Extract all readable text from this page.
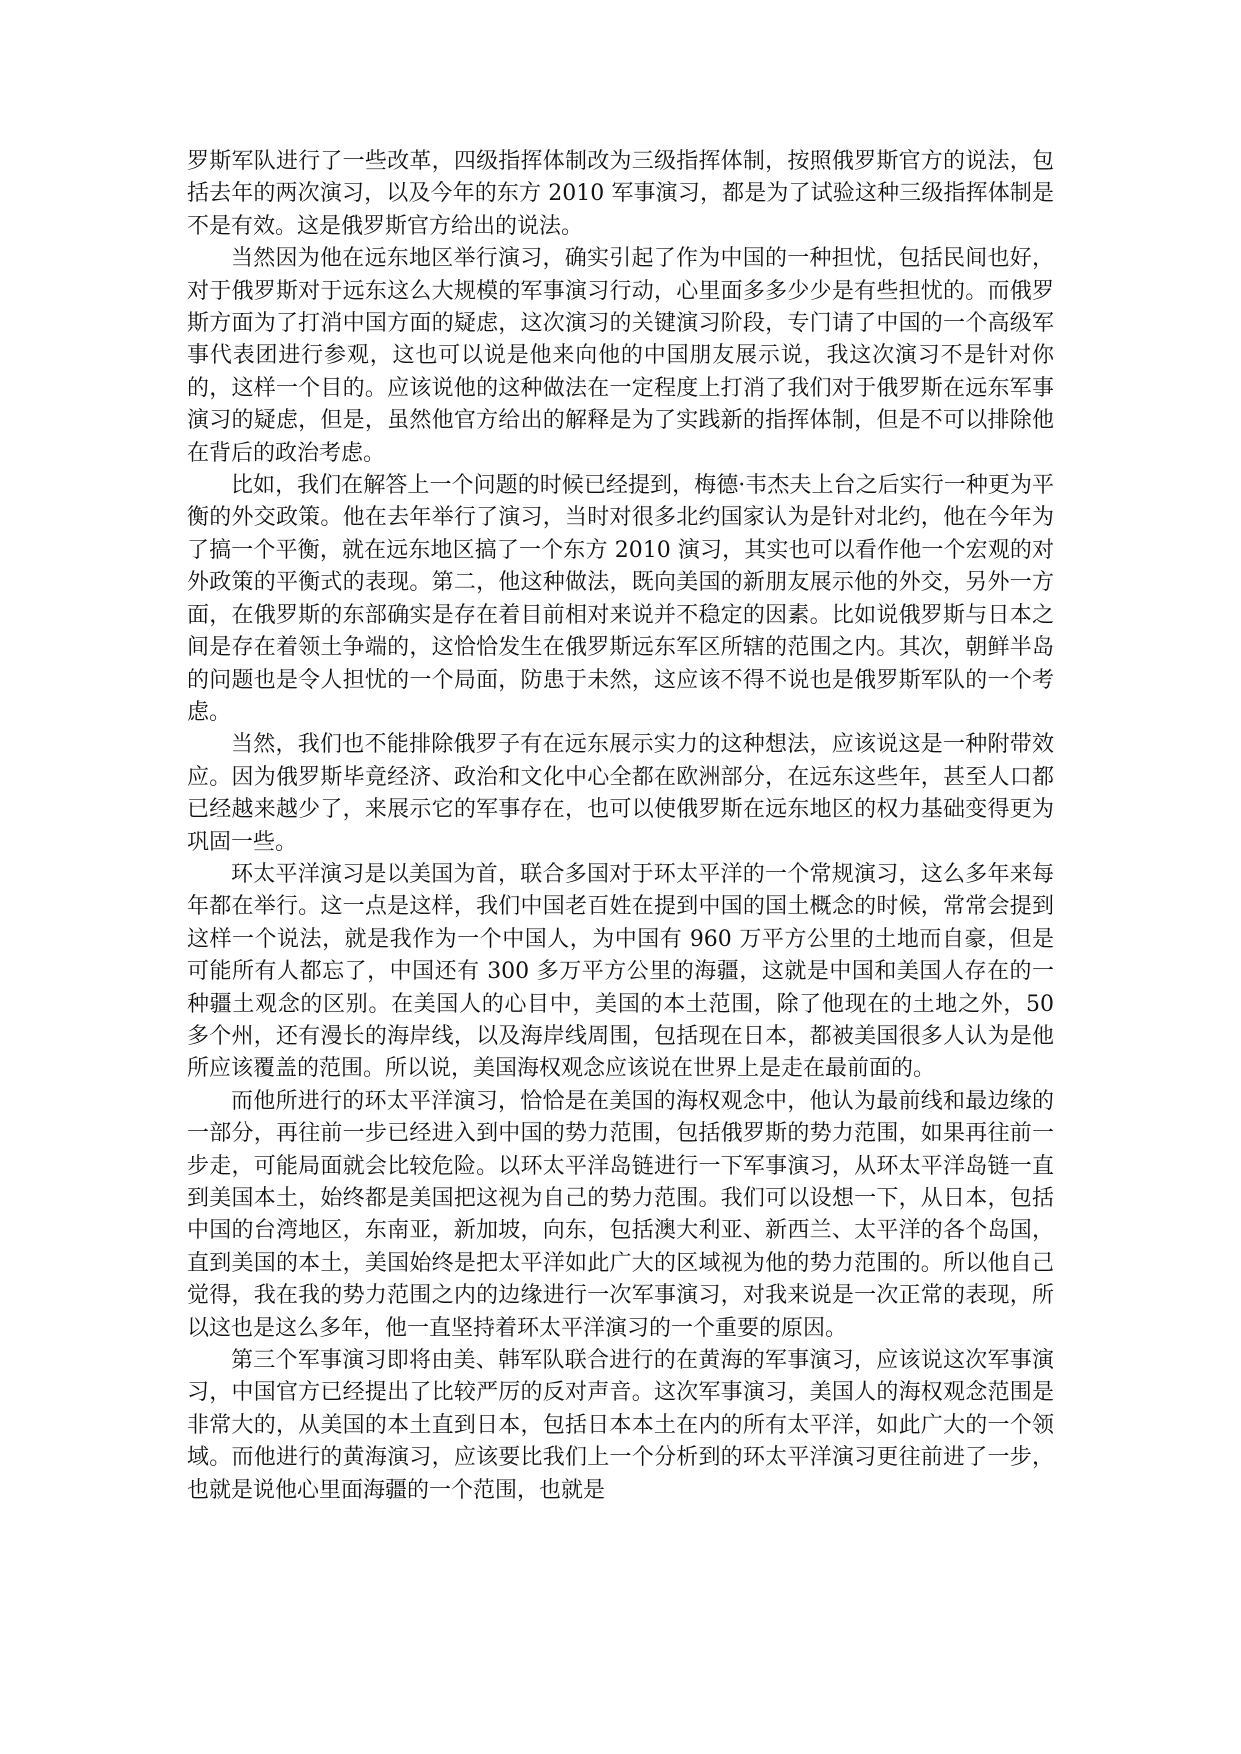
罗斯军队进行了一些改革，四级指挥体制改为三级指挥体制，按照俄罗斯官方的说法，包括去年的两次演习，以及今年的东方 2010 军事演习，都是为了试验这种三级指挥体制是不是有效。这是俄罗斯官方给出的说法。

当然因为他在远东地区举行演习，确实引起了作为中国的一种担忧，包括民间也好，对于俄罗斯对于远东这么大规模的军事演习行动，心里面多多少少是有些担忧的。而俄罗斯方面为了打消中国方面的疑虑，这次演习的关键演习阶段，专门请了中国的一个高级军事代表团进行参观，这也可以说是他来向他的中国朋友展示说，我这次演习不是针对你的，这样一个目的。应该说他的这种做法在一定程度上打消了我们对于俄罗斯在远东军事演习的疑虑，但是，虽然他官方给出的解释是为了实践新的指挥体制，但是不可以排除他在背后的政治考虑。

比如，我们在解答上一个问题的时候已经提到，梅德·韦杰夫上台之后实行一种更为平衡的外交政策。他在去年举行了演习，当时对很多北约国家认为是针对北约，他在今年为了搞一个平衡，就在远东地区搞了一个东方 2010 演习，其实也可以看作他一个宏观的对外政策的平衡式的表现。第二，他这种做法，既向美国的新朋友展示他的外交，另外一方面，在俄罗斯的东部确实是存在着目前相对来说并不稳定的因素。比如说俄罗斯与日本之间是存在着领土争端的，这恰恰发生在俄罗斯远东军区所辖的范围之内。其次，朝鲜半岛的问题也是令人担忧的一个局面，防患于未然，这应该不得不说也是俄罗斯军队的一个考虑。

当然，我们也不能排除俄罗子有在远东展示实力的这种想法，应该说这是一种附带效应。因为俄罗斯毕竟经济、政治和文化中心全都在欧洲部分，在远东这些年，甚至人口都已经越来越少了，来展示它的军事存在，也可以使俄罗斯在远东地区的权力基础变得更为巩固一些。

环太平洋演习是以美国为首，联合多国对于环太平洋的一个常规演习，这么多年来每年都在举行。这一点是这样，我们中国老百姓在提到中国的国土概念的时候，常常会提到这样一个说法，就是我作为一个中国人，为中国有 960 万平方公里的土地而自豪，但是可能所有人都忘了，中国还有 300 多万平方公里的海疆，这就是中国和美国人存在的一种疆土观念的区别。在美国人的心目中，美国的本土范围，除了他现在的土地之外，50 多个州，还有漫长的海岸线，以及海岸线周围，包括现在日本，都被美国很多人认为是他所应该覆盖的范围。所以说，美国海权观念应该说在世界上是走在最前面的。

而他所进行的环太平洋演习，恰恰是在美国的海权观念中，他认为最前线和最边缘的一部分，再往前一步已经进入到中国的势力范围，包括俄罗斯的势力范围，如果再往前一步走，可能局面就会比较危险。以环太平洋岛链进行一下军事演习，从环太平洋岛链一直到美国本土，始终都是美国把这视为自己的势力范围。我们可以设想一下，从日本，包括中国的台湾地区，东南亚，新加坡，向东，包括澳大利亚、新西兰、太平洋的各个岛国，直到美国的本土，美国始终是把太平洋如此广大的区域视为他的势力范围的。所以他自己觉得，我在我的势力范围之内的边缘进行一次军事演习，对我来说是一次正常的表现，所以这也是这么多年，他一直坚持着环太平洋演习的一个重要的原因。

第三个军事演习即将由美、韩军队联合进行的在黄海的军事演习，应该说这次军事演习，中国官方已经提出了比较严厉的反对声音。这次军事演习，美国人的海权观念范围是非常大的，从美国的本土直到日本，包括日本本土在内的所有太平洋，如此广大的一个领域。而他进行的黄海演习，应该要比我们上一个分析到的环太平洋演习更往前进了一步，也就是说他心里面海疆的一个范围，也就是
